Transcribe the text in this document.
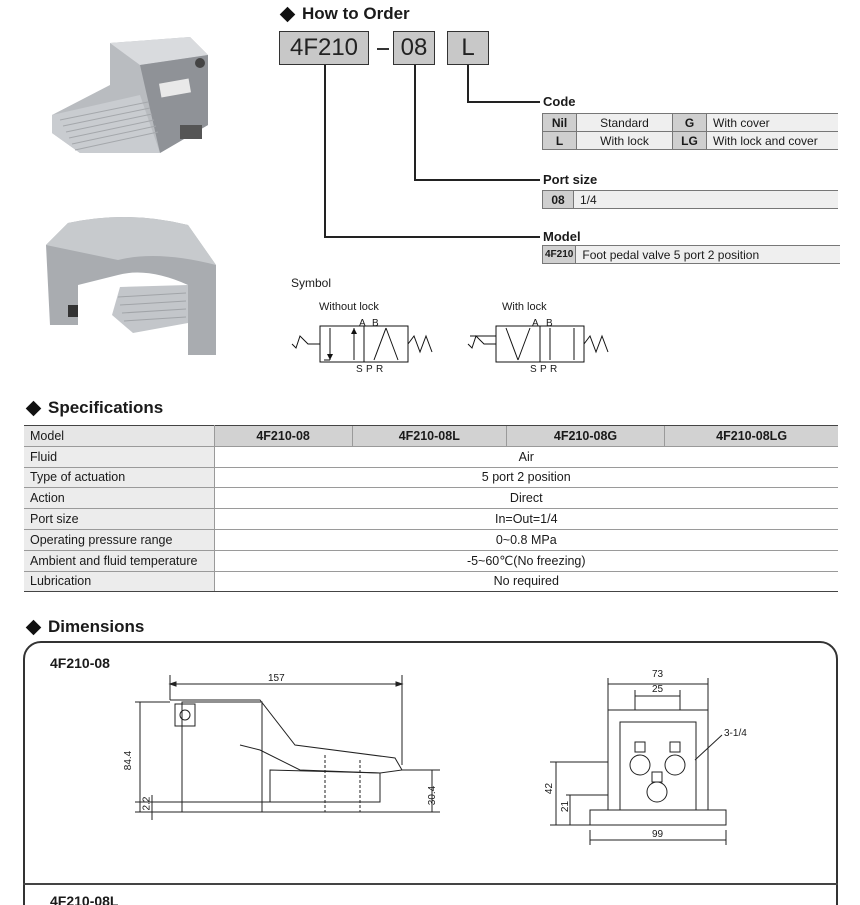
How to Order
4F210	08	L
Code
Nil	Standard	G	With cover
L	With lock	LG	With lock and cover
Port size
08	1/4
Model
4F210	Foot pedal valve 5 port 2 position
Symbol
Without lock	With lock
A B
S P R
A B
S P R
Specifications
Model	4F210-08	4F210-08L	4F210-08G	4F210-08LG
Fluid	Air			
Type of actuation	5 port 2 position			
Action	Direct			
Port size	In=Out=1/4			
Operating pressure range	0~0.8 MPa			
Ambient and fluid temperature	-5~60℃(No freezing)			
Lubrication	No required			
Dimensions
4F210-08
157
84.4
2.2	30.4
73
25
3-1/4
42
21
99
4F210-08L
